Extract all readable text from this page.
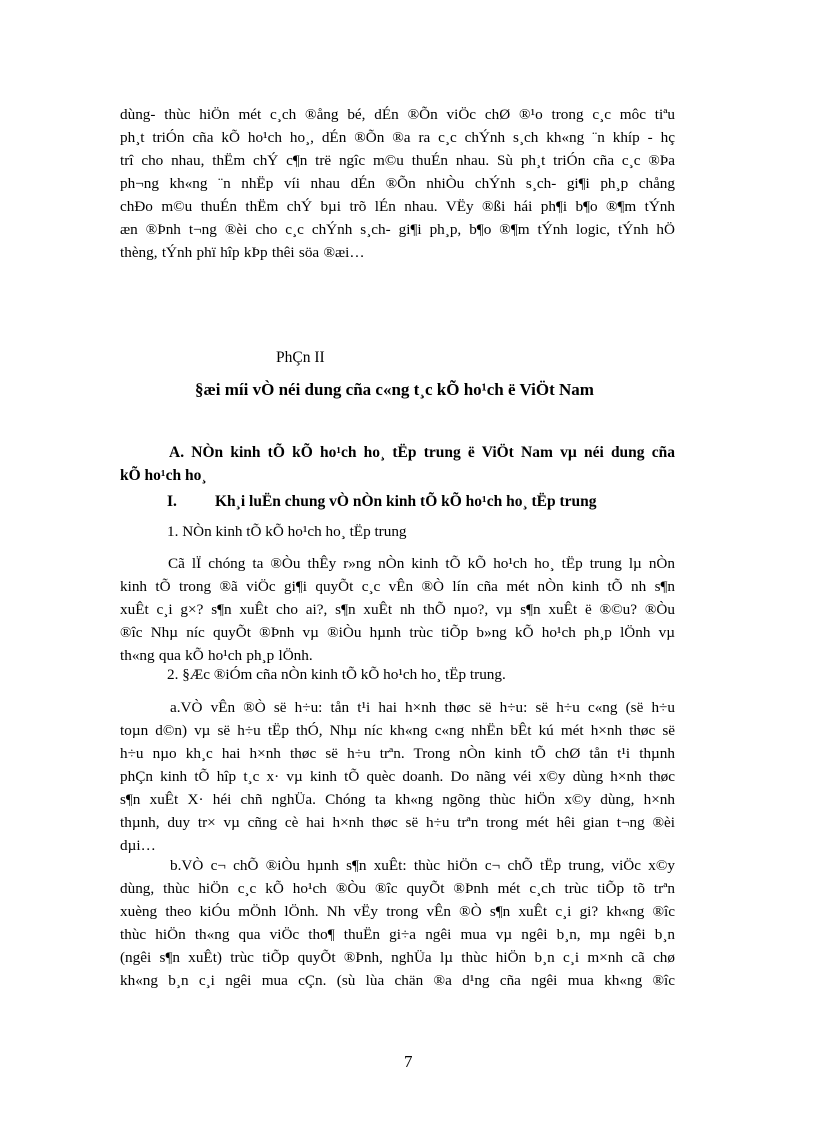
dùng- thùc hiÖn mét c¸ch ®ång bé, dÉn ®Õn viÖc chØ ®¹o trong c¸c môc tiªu
ph¸t triÓn cña kÕ ho¹ch ho¸, dÉn ®Õn ®a ra c¸c chÝnh s¸ch kh«ng ¨n khíp - hç
trî cho nhau, thËm chÝ c¶n trë ngîc m©u thuÉn nhau. Sù ph¸t triÓn cña c¸c ®Þa
ph¬ng kh«ng ¨n nhËp víi nhau dÉn ®Õn nhiÒu chÝnh s¸ch- gi¶i ph¸p chång
chÐo m©u thuÉn thËm chÝ bµi trõ lÉn nhau. VËy ®ßi hái ph¶i b¶o ®¶m tÝnh
æn ®Þnh t¬ng ®èi cho c¸c chÝnh s¸ch- gi¶i ph¸p, b¶o ®¶m tÝnh logic, tÝnh hÖ
thèng, tÝnh phï hîp kÞp thêi söa ®æi…
PhÇn II
§æi míi vÒ néi dung cña c«ng t¸c kÕ ho¹ch ë ViÖt Nam
A. NÒn kinh tÕ kÕ ho¹ch ho¸ tËp trung ë ViÖt Nam vµ néi dung cña
kÕ ho¹ch ho¸
I. Kh¸i luËn chung vÒ nÒn kinh tÕ kÕ ho¹ch ho¸ tËp trung
1. NÒn kinh tÕ kÕ ho¹ch ho¸ tËp trung
Cã lÏ chóng ta ®Òu thÊy r»ng nÒn kinh tÕ kÕ ho¹ch ho¸ tËp trung lµ nÒn
kinh tÕ trong ®ã viÖc gi¶i quyÕt c¸c vÊn ®Ò lín cña mét nÒn kinh tÕ nh s¶n
xuÊt c¸i g×? s¶n xuÊt cho ai?, s¶n xuÊt nh thÕ nµo?, vµ s¶n xuÊt ë ®©u? ®Òu
®îc Nhµ níc quyÕt ®Þnh vµ ®iÒu hµnh trùc tiÕp b»ng kÕ ho¹ch ph¸p lÖnh vµ
th«ng qua kÕ ho¹ch ph¸p lÖnh.
2. §Æc ®iÓm cña nÒn kinh tÕ kÕ ho¹ch ho¸ tËp trung.
a.VÒ vÊn ®Ò së h÷u: tån t¹i hai h×nh thøc së h÷u: së h÷u c«ng (së h÷u
toµn d©n) vµ së h÷u tËp thÓ, Nhµ níc kh«ng c«ng nhËn bÊt kú mét h×nh thøc së
h÷u nµo kh¸c hai h×nh thøc së h÷u trªn. Trong nÒn kinh tÕ chØ tån t¹i thµnh
phÇn kinh tÕ hîp t¸c x· vµ kinh tÕ quèc doanh. Do nãng véi x©y dùng h×nh thøc
s¶n xuÊt X· héi chñ nghÜa. Chóng ta kh«ng ngõng thùc hiÖn x©y dùng, h×nh
thµnh, duy tr× vµ cñng cè hai h×nh thøc së h÷u trªn trong mét hêi gian t¬ng ®èi
dµi…
b.VÒ c¬ chÕ ®iÒu hµnh s¶n xuÊt: thùc hiÖn c¬ chÕ tËp trung, viÖc x©y
dùng, thùc hiÖn c¸c kÕ ho¹ch ®Òu ®îc quyÕt ®Þnh mét c¸ch trùc tiÕp tõ trªn
xuèng theo kiÓu mÖnh lÖnh. Nh vËy trong vÊn ®Ò s¶n xuÊt c¸i gi? kh«ng ®îc
thùc hiÖn th«ng qua viÖc tho¶ thuËn gi÷a ngêi mua vµ ngêi b¸n, mµ ngêi b¸n
(ngêi s¶n xuÊt) trùc tiÕp quyÕt ®Þnh, nghÜa lµ thùc hiÖn b¸n c¸i m×nh cã chø
kh«ng b¸n c¸i ngêi mua cÇn. (sù lùa chän ®a d¹ng cña ngêi mua kh«ng ®îc
7
